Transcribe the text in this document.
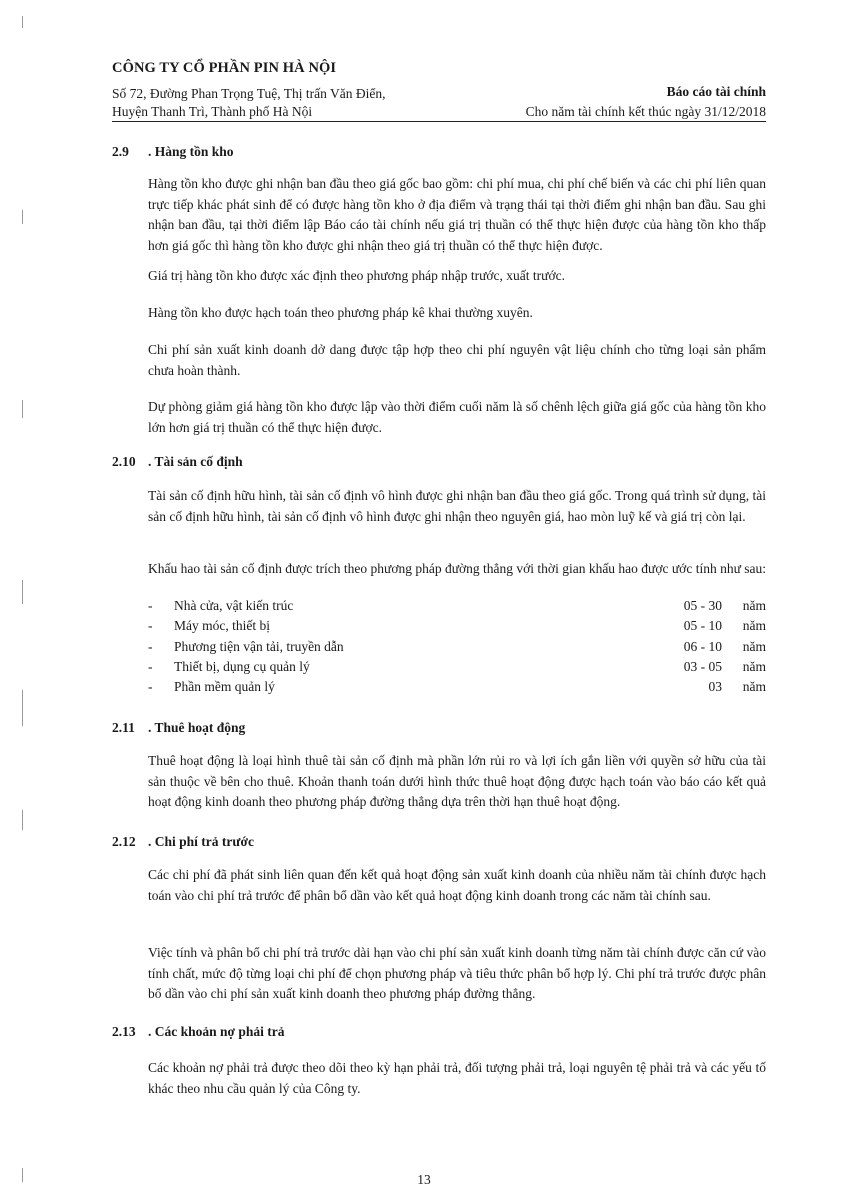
CÔNG TY CỔ PHẦN PIN HÀ NỘI
Số 72, Đường Phan Trọng Tuệ, Thị trấn Văn Điển,
Huyện Thanh Trì, Thành phố Hà Nội
Báo cáo tài chính
Cho năm tài chính kết thúc ngày 31/12/2018
2.9 . Hàng tồn kho

Hàng tồn kho được ghi nhận ban đầu theo giá gốc bao gồm: chi phí mua, chi phí chế biến và các chi phí liên quan trực tiếp khác phát sinh để có được hàng tồn kho ở địa điểm và trạng thái tại thời điểm ghi nhận ban đầu. Sau ghi nhận ban đầu, tại thời điểm lập Báo cáo tài chính nếu giá trị thuần có thể thực hiện được của hàng tồn kho thấp hơn giá gốc thì hàng tồn kho được ghi nhận theo giá trị thuần có thể thực hiện được.

Giá trị hàng tồn kho được xác định theo phương pháp nhập trước, xuất trước.

Hàng tồn kho được hạch toán theo phương pháp kê khai thường xuyên.

Chi phí sản xuất kinh doanh dở dang được tập hợp theo chi phí nguyên vật liệu chính cho từng loại sản phẩm chưa hoàn thành.

Dự phòng giảm giá hàng tồn kho được lập vào thời điểm cuối năm là số chênh lệch giữa giá gốc của hàng tồn kho lớn hơn giá trị thuần có thể thực hiện được.

2.10 . Tài sản cố định

Tài sản cố định hữu hình, tài sản cố định vô hình được ghi nhận ban đầu theo giá gốc. Trong quá trình sử dụng, tài sản cố định hữu hình, tài sản cố định vô hình được ghi nhận theo nguyên giá, hao mòn luỹ kế và giá trị còn lại.

Khấu hao tài sản cố định được trích theo phương pháp đường thẳng với thời gian khấu hao được ước tính như sau:

- Nhà cửa, vật kiến trúc	05 - 30 năm
- Máy móc, thiết bị	05 - 10 năm
- Phương tiện vận tải, truyền dẫn	06 - 10 năm
- Thiết bị, dụng cụ quản lý	03 - 05 năm
- Phần mềm quản lý	03 năm
2.11 . Thuê hoạt động

Thuê hoạt động là loại hình thuê tài sản cố định mà phần lớn rủi ro và lợi ích gắn liền với quyền sở hữu của tài sản thuộc về bên cho thuê. Khoản thanh toán dưới hình thức thuê hoạt động được hạch toán vào báo cáo kết quả hoạt động kinh doanh theo phương pháp đường thẳng dựa trên thời hạn thuê hoạt động.

2.12 . Chi phí trả trước

Các chi phí đã phát sinh liên quan đến kết quả hoạt động sản xuất kinh doanh của nhiều năm tài chính được hạch toán vào chi phí trả trước để phân bổ dần vào kết quả hoạt động kinh doanh trong các năm tài chính sau.

Việc tính và phân bổ chi phí trả trước dài hạn vào chi phí sản xuất kinh doanh từng năm tài chính được căn cứ vào tính chất, mức độ từng loại chi phí để chọn phương pháp và tiêu thức phân bổ hợp lý. Chi phí trả trước được phân bổ dần vào chi phí sản xuất kinh doanh theo phương pháp đường thẳng.

2.13 . Các khoản nợ phải trả

Các khoản nợ phải trả được theo dõi theo kỳ hạn phải trả, đối tượng phải trả, loại nguyên tệ phải trả và các yếu tố khác theo nhu cầu quản lý của Công ty.

13
